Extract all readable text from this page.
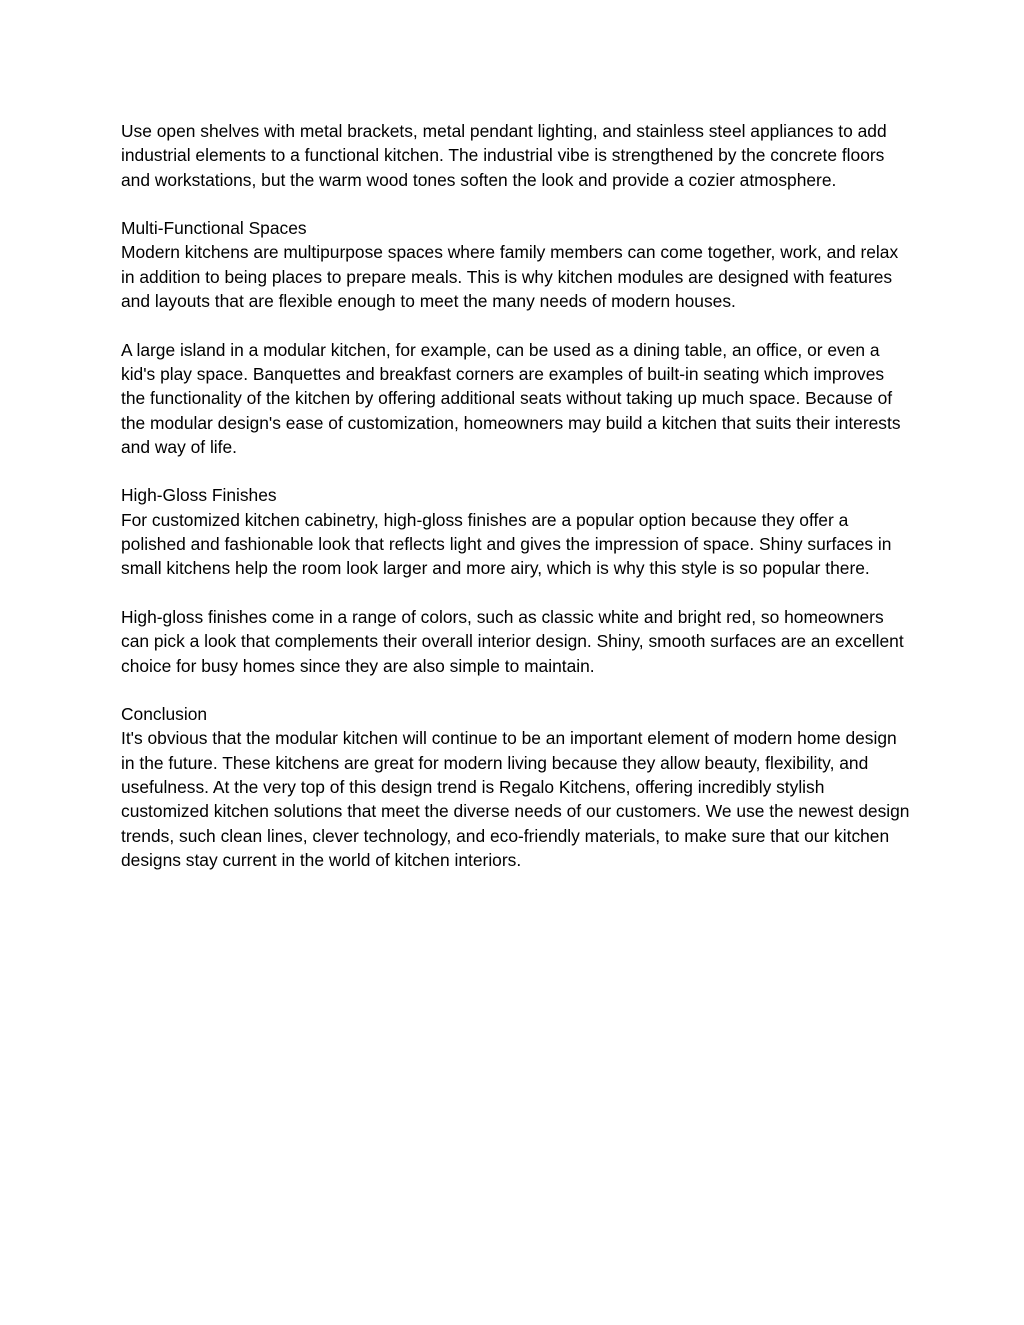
Use open shelves with metal brackets, metal pendant lighting, and stainless steel appliances to add industrial elements to a functional kitchen. The industrial vibe is strengthened by the concrete floors and workstations, but the warm wood tones soften the look and provide a cozier atmosphere.

Multi-Functional Spaces

Modern kitchens are multipurpose spaces where family members can come together, work, and relax in addition to being places to prepare meals. This is why kitchen modules are designed with features and layouts that are flexible enough to meet the many needs of modern houses.

A large island in a modular kitchen, for example, can be used as a dining table, an office, or even a kid's play space. Banquettes and breakfast corners are examples of built-in seating which improves the functionality of the kitchen by offering additional seats without taking up much space. Because of the modular design's ease of customization, homeowners may build a kitchen that suits their interests and way of life.

High-Gloss Finishes

For customized kitchen cabinetry, high-gloss finishes are a popular option because they offer a polished and fashionable look that reflects light and gives the impression of space. Shiny surfaces in small kitchens help the room look larger and more airy, which is why this style is so popular there.

High-gloss finishes come in a range of colors, such as classic white and bright red, so homeowners can pick a look that complements their overall interior design. Shiny, smooth surfaces are an excellent choice for busy homes since they are also simple to maintain.

Conclusion

It's obvious that the modular kitchen will continue to be an important element of modern home design in the future. These kitchens are great for modern living because they allow beauty, flexibility, and usefulness. At the very top of this design trend is Regalo Kitchens, offering incredibly stylish customized kitchen solutions that meet the diverse needs of our customers. We use the newest design trends, such clean lines, clever technology, and eco-friendly materials, to make sure that our kitchen designs stay current in the world of kitchen interiors.
